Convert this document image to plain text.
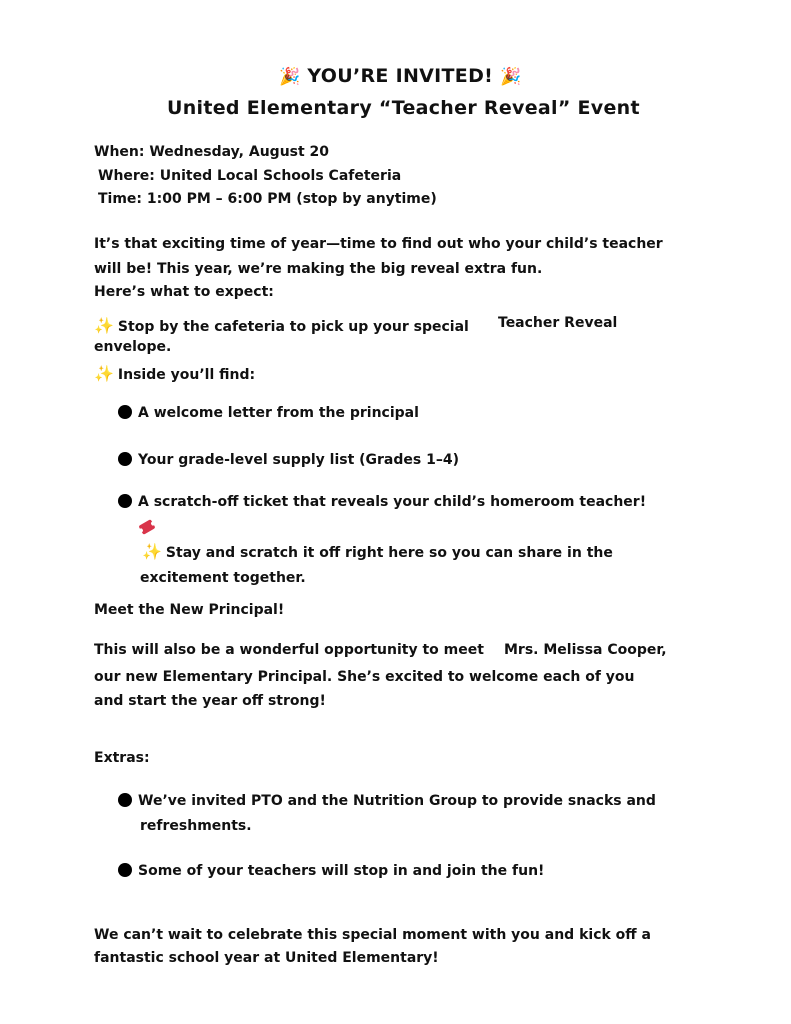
🎉 YOU’RE INVITED! 🎉
United Elementary “Teacher Reveal” Event
When: Wednesday, August 20
Where: United Local Schools Cafeteria
Time: 1:00 PM – 6:00 PM (stop by anytime)
It’s that exciting time of year—time to find out who your child’s teacher
will be! This year, we’re making the big reveal extra fun.
Here’s what to expect:
✨ Stop by the cafeteria to pick up your special Teacher Reveal
envelope.
✨ Inside you’ll find:
A welcome letter from the principal
Your grade-level supply list (Grades 1–4)
A scratch-off ticket that reveals your child’s homeroom teacher!
✨ Stay and scratch it off right here so you can share in the
excitement together.
Meet the New Principal!
This will also be a wonderful opportunity to meet Mrs. Melissa Cooper,
our new Elementary Principal. She’s excited to welcome each of you
and start the year off strong!
Extras:
We’ve invited PTO and the Nutrition Group to provide snacks and
refreshments.
Some of your teachers will stop in and join the fun!
We can’t wait to celebrate this special moment with you and kick off a
fantastic school year at United Elementary!
